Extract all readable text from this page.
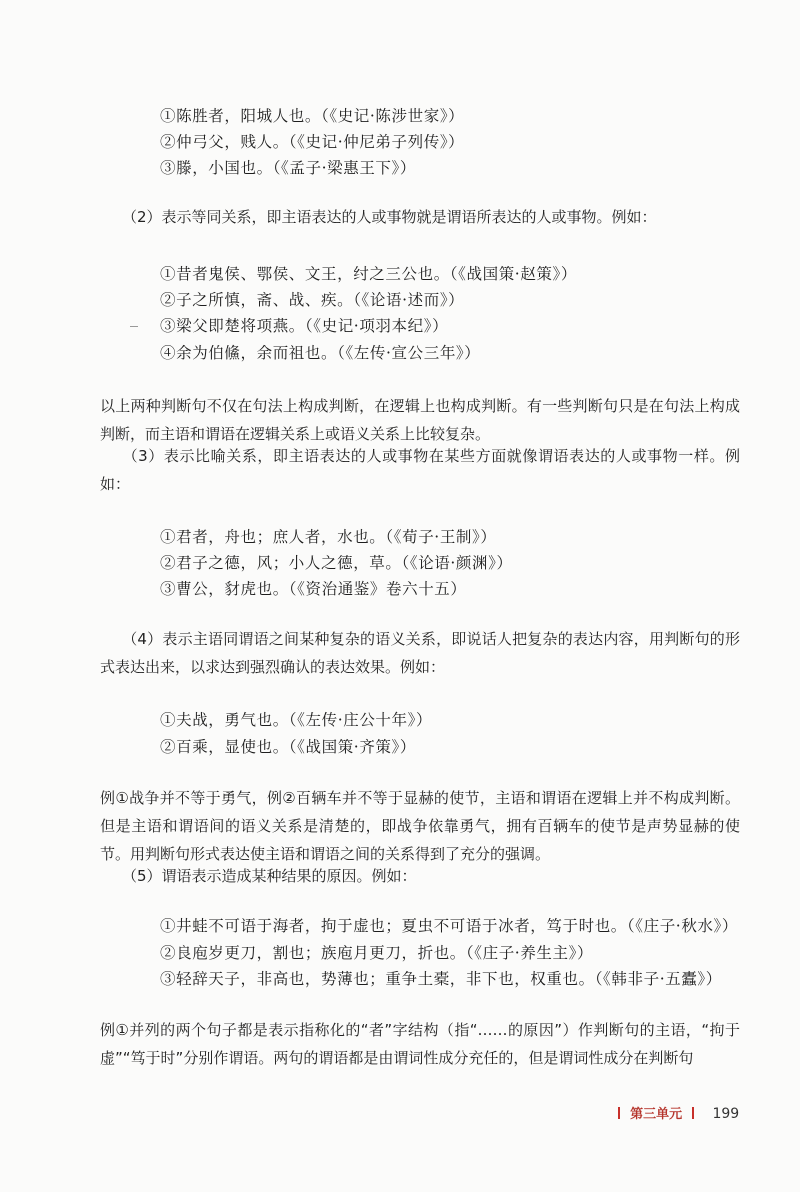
①陈胜者，阳城人也。（《史记·陈涉世家》）
②仲弓父，贱人。（《史记·仲尼弟子列传》）
③滕，小国也。（《孟子·梁惠王下》）
（2）表示等同关系，即主语表达的人或事物就是谓语所表达的人或事物。例如：
①昔者鬼侯、鄂侯、文王，纣之三公也。（《战国策·赵策》）
②子之所慎，斋、战、疾。（《论语·述而》）
③梁父即楚将项燕。（《史记·项羽本纪》）
④余为伯鯈，余而祖也。（《左传·宣公三年》）
以上两种判断句不仅在句法上构成判断，在逻辑上也构成判断。有一些判断句只是在句法上构成判断，而主语和谓语在逻辑关系上或语义关系上比较复杂。
（3）表示比喻关系，即主语表达的人或事物在某些方面就像谓语表达的人或事物一样。例如：
①君者，舟也；庶人者，水也。（《荀子·王制》）
②君子之德，风；小人之德，草。（《论语·颜渊》）
③曹公，豺虎也。（《资治通鉴》卷六十五）
（4）表示主语同谓语之间某种复杂的语义关系，即说话人把复杂的表达内容，用判断句的形式表达出来，以求达到强烈确认的表达效果。例如：
①夫战，勇气也。（《左传·庄公十年》）
②百乘，显使也。（《战国策·齐策》）
例①战争并不等于勇气，例②百辆车并不等于显赫的使节，主语和谓语在逻辑上并不构成判断。但是主语和谓语间的语义关系是清楚的，即战争依靠勇气，拥有百辆车的使节是声势显赫的使节。用判断句形式表达使主语和谓语之间的关系得到了充分的强调。
（5）谓语表示造成某种结果的原因。例如：
①井蛙不可语于海者，拘于虚也；夏虫不可语于冰者，笃于时也。（《庄子·秋水》）
②良庖岁更刀，割也；族庖月更刀，折也。（《庄子·养生主》）
③轻辞天子，非高也，势薄也；重争土橐，非下也，权重也。（《韩非子·五蠹》）
例①并列的两个句子都是表示指称化的“者”字结构（指“……的原因”）作判断句的主语，“拘于虚”“笃于时”分别作谓语。两句的谓语都是由谓词性成分充任的，但是谓词性成分在判断句
第三单元 199
